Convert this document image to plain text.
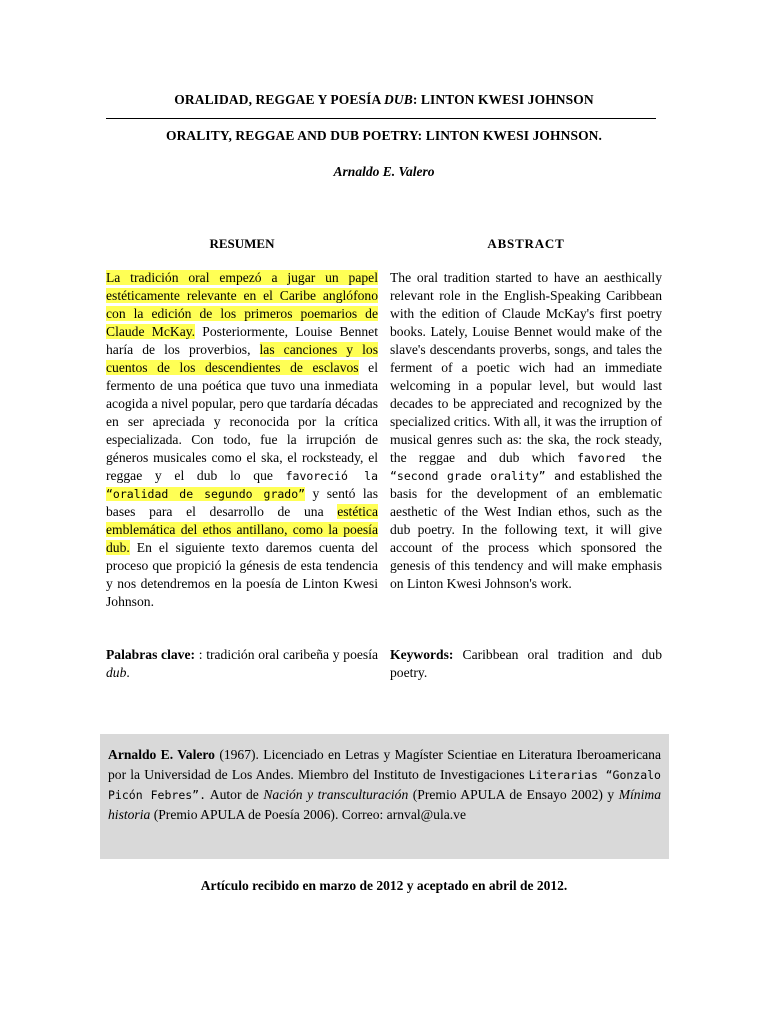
ORALIDAD, REGGAE Y POESÍA DUB: LINTON KWESI JOHNSON
ORALITY, REGGAE AND DUB POETRY: LINTON KWESI JOHNSON.
Arnaldo E. Valero
RESUMEN	ABSTRACT
La tradición oral empezó a jugar un papel estéticamente relevante en el Caribe anglófono con la edición de los primeros poemarios de Claude McKay. Posteriormente, Louise Bennet haría de los proverbios, las canciones y los cuentos de los descendientes de esclavos el fermento de una poética que tuvo una inmediata acogida a nivel popular, pero que tardaría décadas en ser apreciada y reconocida por la crítica especializada. Con todo, fue la irrupción de géneros musicales como el ska, el rocksteady, el reggae y el dub lo que favoreció la “oralidad de segundo grado” y sentó las bases para el desarrollo de una estética emblemática del ethos antillano, como la poesía dub. En el siguiente texto daremos cuenta del proceso que propició la génesis de esta tendencia y nos detendremos en la poesía de Linton Kwesi Johnson.
The oral tradition started to have an aesthically relevant role in the English-Speaking Caribbean with the edition of Claude McKay's first poetry books. Lately, Louise Bennet would make of the slave's descendants proverbs, songs, and tales the ferment of a poetic wich had an immediate welcoming in a popular level, but would last decades to be appreciated and recognized by the specialized critics. With all, it was the irruption of musical genres such as: the ska, the rock steady, the reggae and dub which favored the “second grade orality” and established the basis for the development of an emblematic aesthetic of the West Indian ethos, such as the dub poetry. In the following text, it will give account of the process which sponsored the genesis of this tendency and will make emphasis on Linton Kwesi Johnson's work.
Palabras clave: : tradición oral caribeña y poesía dub.
Keywords: Caribbean oral tradition and dub poetry.
Arnaldo E. Valero (1967). Licenciado en Letras y Magíster Scientiae en Literatura Iberoamericana por la Universidad de Los Andes. Miembro del Instituto de Investigaciones Literarias “Gonzalo Picón Febres”. Autor de Nación y transculturación (Premio APULA de Ensayo 2002) y Mínima historia (Premio APULA de Poesía 2006). Correo: arnval@ula.ve
Artículo recibido en marzo de 2012 y aceptado en abril de 2012.
